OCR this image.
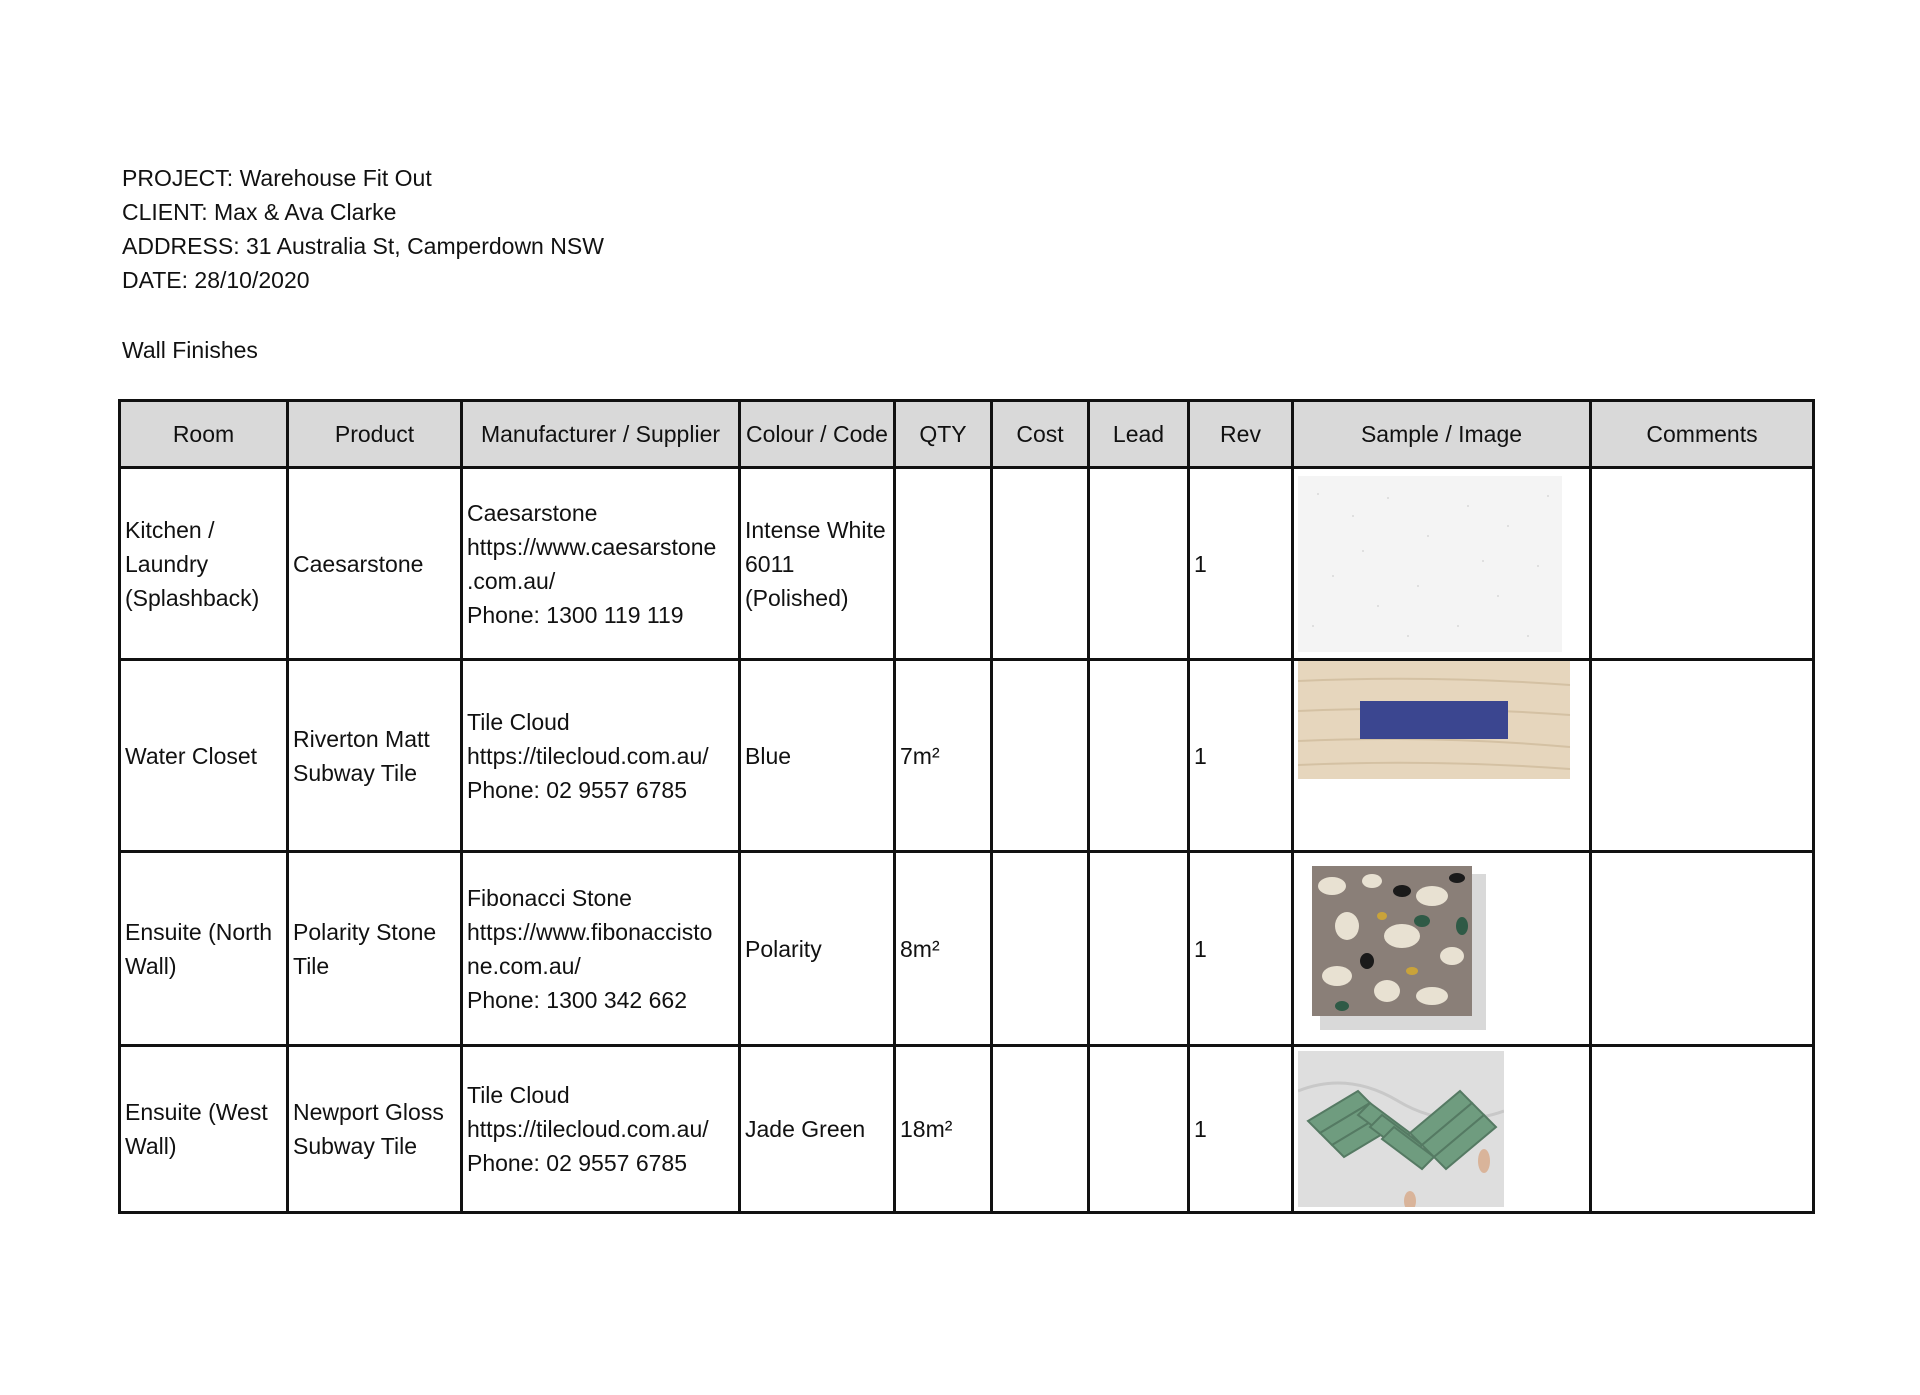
PROJECT: Warehouse Fit Out
CLIENT: Max & Ava Clarke
ADDRESS: 31 Australia St, Camperdown NSW
DATE: 28/10/2020
Wall Finishes
Room	Product	Manufacturer / Supplier	Colour / Code	QTY	Cost	Lead	Rev	Sample / Image	Comments
Kitchen /
Laundry
(Splashback)	Caesarstone	Caesarstone
https://www.caesarstone
.com.au/
Phone: 1300 119 119	Intense White
6011
(Polished)				1	

Water Closet	Riverton Matt
Subway Tile	Tile Cloud
https://tilecloud.com.au/
Phone: 02 9557 6785	Blue	7m²			1	

Ensuite (North
Wall)	Polarity Stone
Tile	Fibonacci Stone
https://www.fibonaccisto
ne.com.au/
Phone: 1300 342 662	Polarity	8m²			1	

Ensuite (West
Wall)	Newport Gloss
Subway Tile	Tile Cloud
https://tilecloud.com.au/
Phone: 02 9557 6785	Jade Green	18m²			1	
